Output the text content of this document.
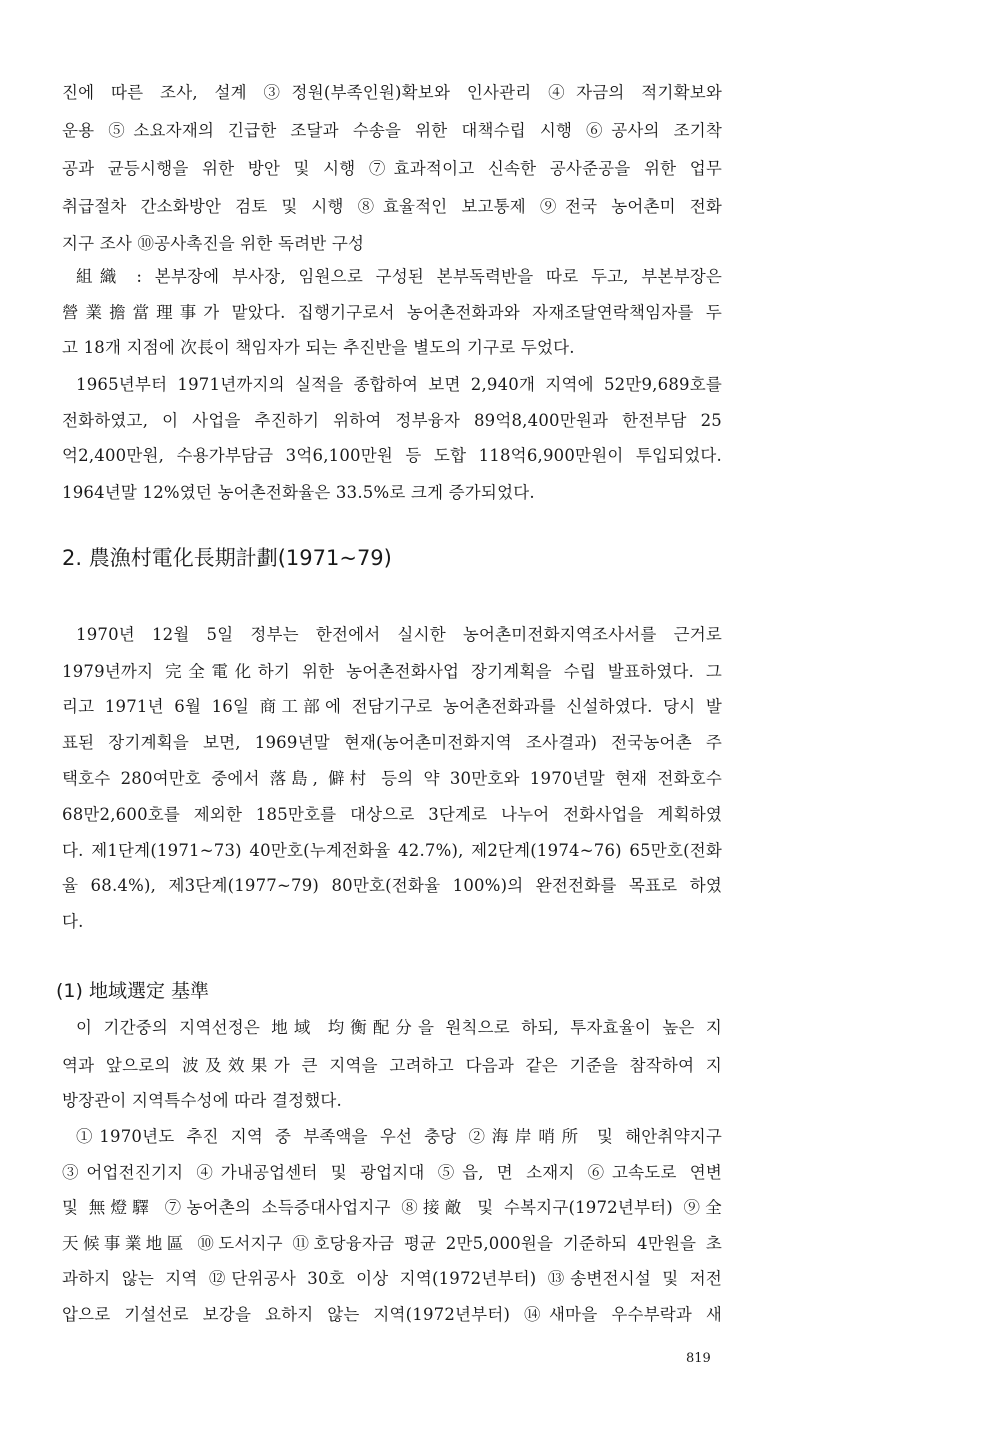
진에 따른 조사, 설계 ③정원(부족인원)확보와 인사관리 ④자금의 적기확보와
운용 ⑤소요자재의 긴급한 조달과 수송을 위한 대책수립 시행 ⑥공사의 조기착
공과 균등시행을 위한 방안 및 시행 ⑦효과적이고 신속한 공사준공을 위한 업무
취급절차 간소화방안 검토 및 시행 ⑧효율적인 보고통제 ⑨전국 농어촌미 전화
지구 조사 ⑩공사촉진을 위한 독려반 구성
組織 : 본부장에 부사장, 임원으로 구성된 본부독력반을 따로 두고, 부본부장은
營業擔當理事가 맡았다. 집행기구로서 농어촌전화과와 자재조달연락책임자를 두
고 18개 지점에 次長이 책임자가 되는 추진반을 별도의 기구로 두었다.
1965년부터 1971년까지의 실적을 종합하여 보면 2,940개 지역에 52만9,689호를
전화하였고, 이 사업을 추진하기 위하여 정부융자 89억8,400만원과 한전부담 25
억2,400만원, 수용가부담금 3억6,100만원 등 도합 118억6,900만원이 투입되었다.
1964년말 12%였던 농어촌전화율은 33.5%로 크게 증가되었다.
2. 農漁村電化長期計劃(1971~79)
1970년 12월 5일 정부는 한전에서 실시한 농어촌미전화지역조사서를 근거로
1979년까지 完全電化하기 위한 농어촌전화사업 장기계획을 수립 발표하였다. 그
리고 1971년 6월 16일 商工部에 전담기구로 농어촌전화과를 신설하였다. 당시 발
표된 장기계획을 보면, 1969년말 현재(농어촌미전화지역 조사결과) 전국농어촌 주
택호수 280여만호 중에서 落島, 僻村 등의 약 30만호와 1970년말 현재 전화호수
68만2,600호를 제외한 185만호를 대상으로 3단계로 나누어 전화사업을 계획하였
다. 제1단계(1971~73) 40만호(누계전화율 42.7%), 제2단계(1974~76) 65만호(전화
율 68.4%), 제3단계(1977~79) 80만호(전화율 100%)의 완전전화를 목표로 하였
다.
(1) 地域選定 基準
이 기간중의 지역선정은 地域 均衡配分을 원칙으로 하되, 투자효율이 높은 지
역과 앞으로의 波及效果가 큰 지역을 고려하고 다음과 같은 기준을 참작하여 지
방장관이 지역특수성에 따라 결정했다.
①1970년도 추진 지역 중 부족액을 우선 충당 ②海岸哨所 및 해안취약지구
③어업전진기지 ④가내공업센터 및 광업지대 ⑤읍, 면 소재지 ⑥고속도로 연변
및 無燈驛 ⑦농어촌의 소득증대사업지구 ⑧接敵 및 수복지구(1972년부터) ⑨全
天候事業地區 ⑩도서지구 ⑪호당융자금 평균 2만5,000원을 기준하되 4만원을 초
과하지 않는 지역 ⑫단위공사 30호 이상 지역(1972년부터) ⑬송변전시설 및 저전
압으로 기설선로 보강을 요하지 않는 지역(1972년부터) ⑭새마을 우수부락과 새
819
